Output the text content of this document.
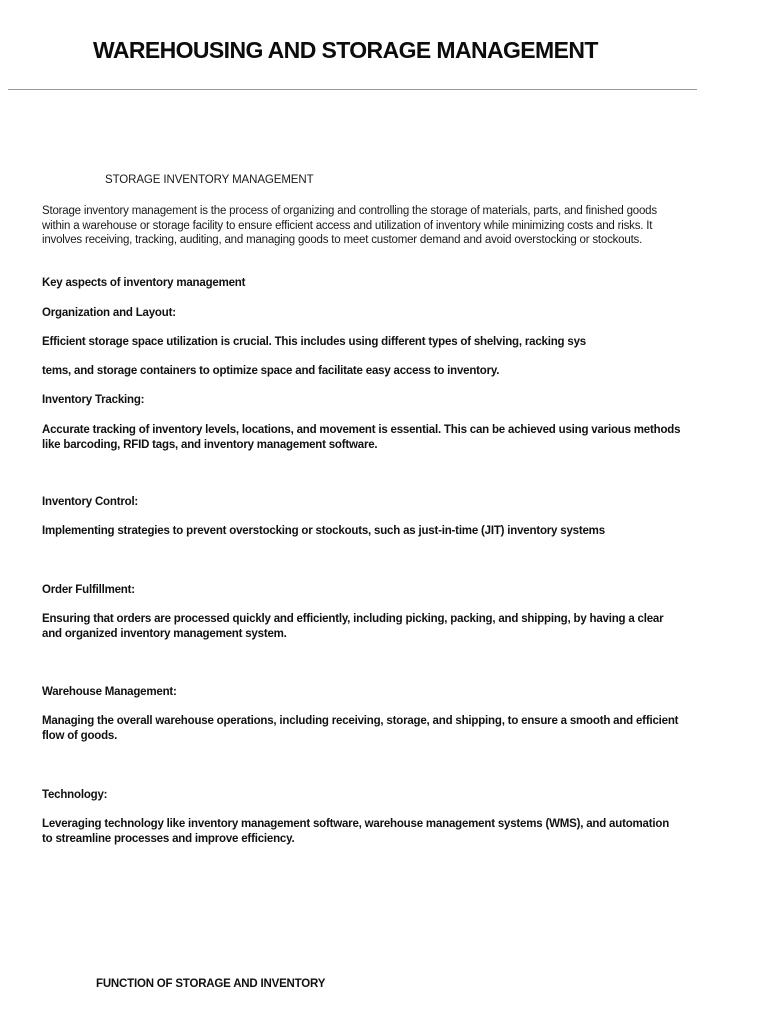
WAREHOUSING AND STORAGE MANAGEMENT
STORAGE INVENTORY MANAGEMENT
Storage inventory management is the process of organizing and controlling the storage of materials, parts, and finished goods within a warehouse or storage facility to ensure efficient access and utilization of inventory while minimizing costs and risks. It involves receiving, tracking, auditing, and managing goods to meet customer demand and avoid overstocking or stockouts.
Key aspects of inventory management
Organization and Layout:
Efficient storage space utilization is crucial. This includes using different types of shelving, racking sys
tems, and storage containers to optimize space and facilitate easy access to inventory.
Inventory Tracking:
Accurate tracking of inventory levels, locations, and movement is essential. This can be achieved using various methods like barcoding, RFID tags, and inventory management software.
Inventory Control:
Implementing strategies to prevent overstocking or stockouts, such as just-in-time (JIT) inventory systems
Order Fulfillment:
Ensuring that orders are processed quickly and efficiently, including picking, packing, and shipping, by having a clear and organized inventory management system.
Warehouse Management:
Managing the overall warehouse operations, including receiving, storage, and shipping, to ensure a smooth and efficient flow of goods.
Technology:
Leveraging technology like inventory management software, warehouse management systems (WMS), and automation to streamline processes and improve efficiency.
FUNCTION OF STORAGE AND INVENTORY
